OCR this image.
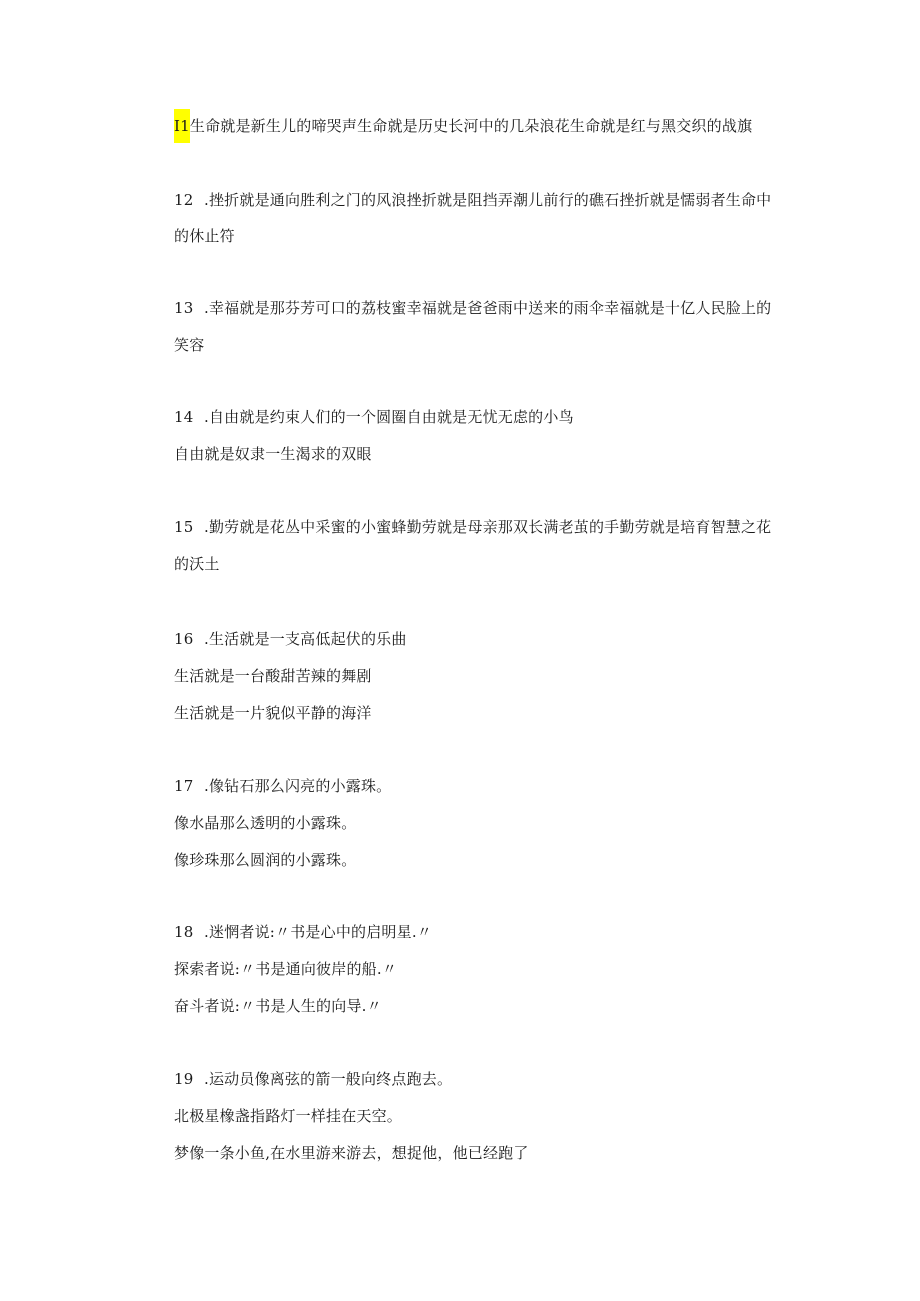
I1生命就是新生儿的啼哭声生命就是历史长河中的几朵浪花生命就是红与黑交织的战旗
12 .挫折就是通向胜利之门的风浪挫折就是阻挡弄潮儿前行的礁石挫折就是懦弱者生命中
的休止符
13 .幸福就是那芬芳可口的荔枝蜜幸福就是爸爸雨中送来的雨伞幸福就是十亿人民脸上的
笑容
14 .自由就是约束人们的一个圆圈自由就是无忧无虑的小鸟
自由就是奴隶一生渴求的双眼
15 .勤劳就是花丛中采蜜的小蜜蜂勤劳就是母亲那双长满老茧的手勤劳就是培育智慧之花
的沃土
16 .生活就是一支高低起伏的乐曲
生活就是一台酸甜苦辣的舞剧
生活就是一片貌似平静的海洋
17 .像钻石那么闪亮的小露珠。
像水晶那么透明的小露珠。
像珍珠那么圆润的小露珠。
18 .迷惘者说:〃书是心中的启明星.〃
探索者说:〃书是通向彼岸的船.〃
奋斗者说:〃书是人生的向导.〃
19 .运动员像离弦的箭一般向终点跑去。
北极星橡盏指路灯一样挂在天空。
梦像一条小鱼,在水里游来游去，想捉他，他已经跑了
